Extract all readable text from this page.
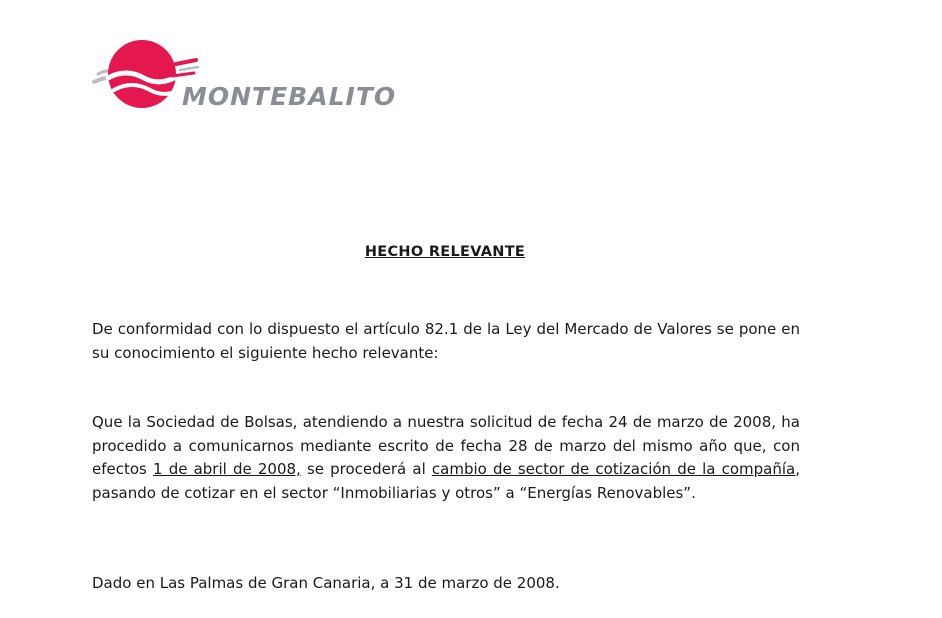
MONTEBALITO
HECHO RELEVANTE

De conformidad con lo dispuesto el artículo 82.1 de la Ley del Mercado de Valores se pone en su conocimiento el siguiente hecho relevante:

Que la Sociedad de Bolsas, atendiendo a nuestra solicitud de fecha 24 de marzo de 2008, ha procedido a comunicarnos mediante escrito de fecha 28 de marzo del mismo año que, con efectos 1 de abril de 2008, se procederá al cambio de sector de cotización de la compañía, pasando de cotizar en el sector “Inmobiliarias y otros” a “Energías Renovables”.

Dado en Las Palmas de Gran Canaria, a 31 de marzo de 2008.
